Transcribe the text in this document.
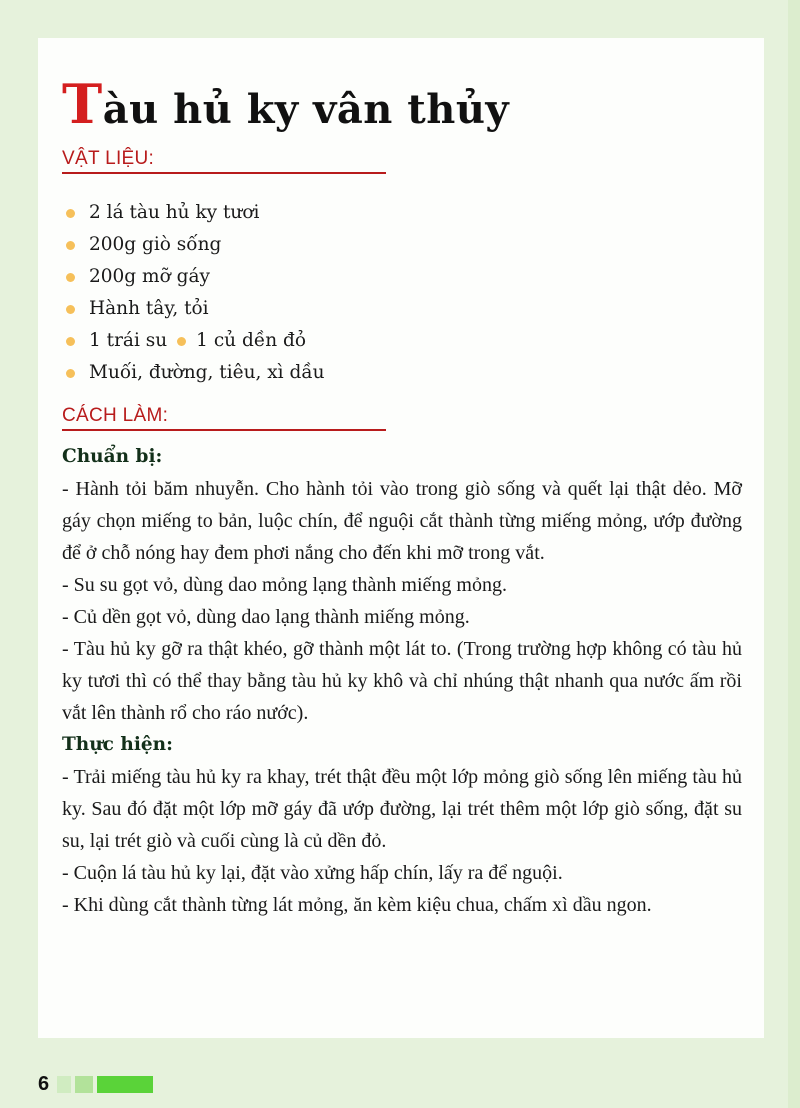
Tàu hủ ky vân thủy
VẬT LIỆU:
2 lá tàu hủ ky tươi
200g giò sống
200g mỡ gáy
Hành tây, tỏi
1 trái su 1 củ dền đỏ
Muối, đường, tiêu, xì dầu
CÁCH LÀM:
Chuẩn bị:

- Hành tỏi băm nhuyễn. Cho hành tỏi vào trong giò sống và quết lại thật dẻo. Mỡ gáy chọn miếng to bản, luộc chín, để nguội cắt thành từng miếng mỏng, ướp đường để ở chỗ nóng hay đem phơi nắng cho đến khi mỡ trong vắt.

- Su su gọt vỏ, dùng dao mỏng lạng thành miếng mỏng.

- Củ dền gọt vỏ, dùng dao lạng thành miếng mỏng.

- Tàu hủ ky gỡ ra thật khéo, gỡ thành một lát to. (Trong trường hợp không có tàu hủ ky tươi thì có thể thay bằng tàu hủ ky khô và chỉ nhúng thật nhanh qua nước ấm rồi vắt lên thành rổ cho ráo nước).

Thực hiện:

- Trải miếng tàu hủ ky ra khay, trét thật đều một lớp mỏng giò sống lên miếng tàu hủ ky. Sau đó đặt một lớp mỡ gáy đã ướp đường, lại trét thêm một lớp giò sống, đặt su su, lại trét giò và cuối cùng là củ dền đỏ.

- Cuộn lá tàu hủ ky lại, đặt vào xửng hấp chín, lấy ra để nguội.

- Khi dùng cắt thành từng lát mỏng, ăn kèm kiệu chua, chấm xì dầu ngon.

6
